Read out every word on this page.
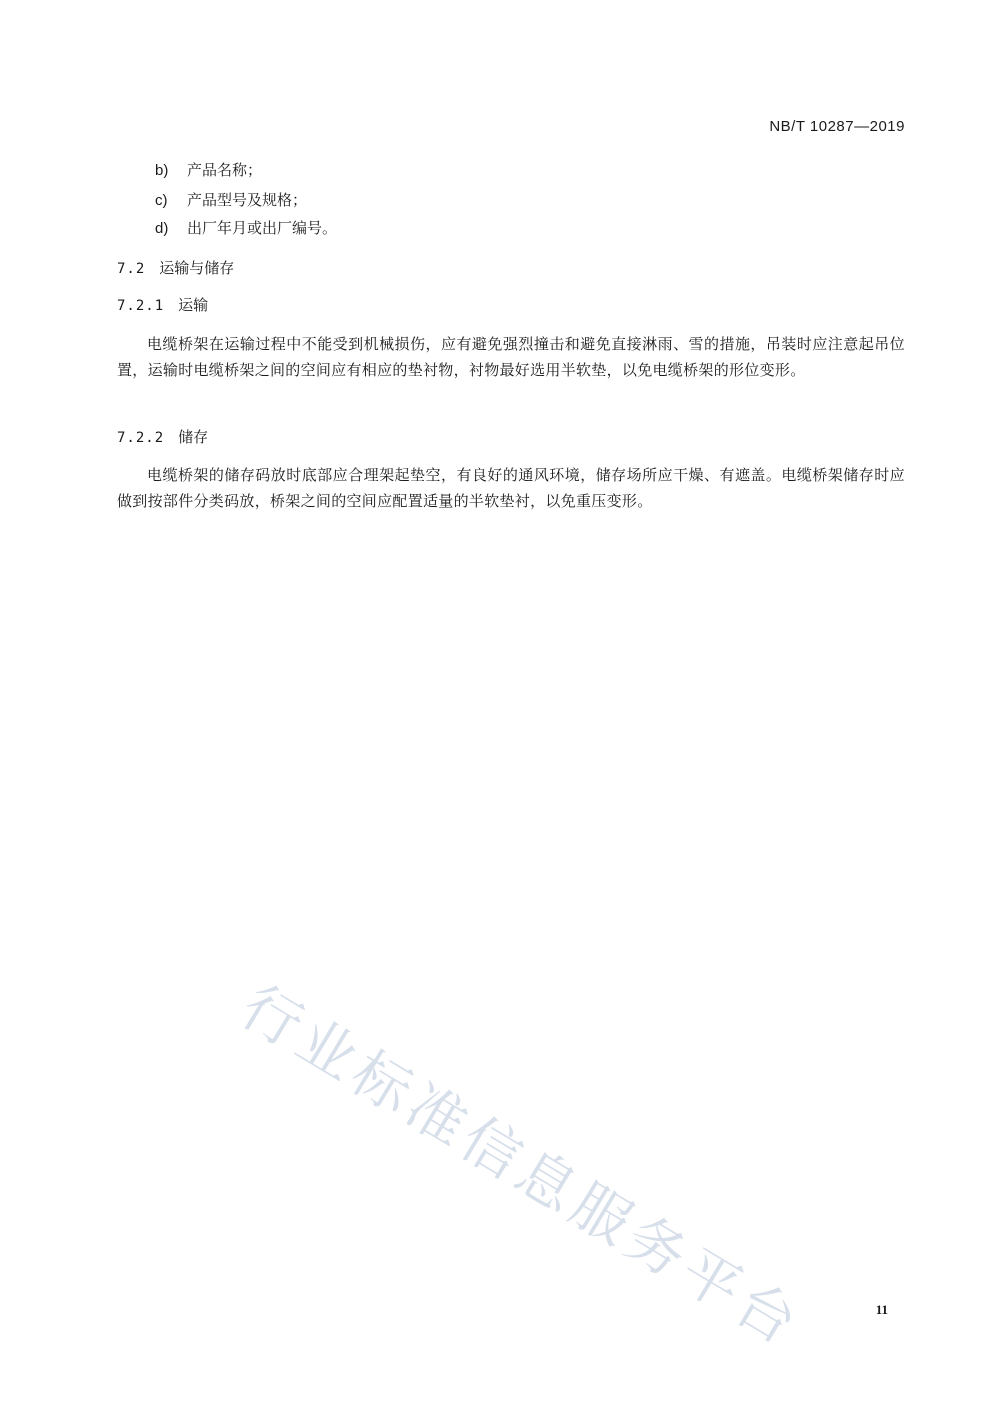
NB/T 10287—2019
b) 产品名称；
c) 产品型号及规格；
d) 出厂年月或出厂编号。
7.2 运输与储存
7.2.1 运输
电缆桥架在运输过程中不能受到机械损伤，应有避免强烈撞击和避免直接淋雨、雪的措施，吊装时应注意起吊位置，运输时电缆桥架之间的空间应有相应的垫衬物，衬物最好选用半软垫，以免电缆桥架的形位变形。
7.2.2 储存
电缆桥架的储存码放时底部应合理架起垫空，有良好的通风环境，储存场所应干燥、有遮盖。电缆桥架储存时应做到按部件分类码放，桥架之间的空间应配置适量的半软垫衬，以免重压变形。
行业标准信息服务平台	11
